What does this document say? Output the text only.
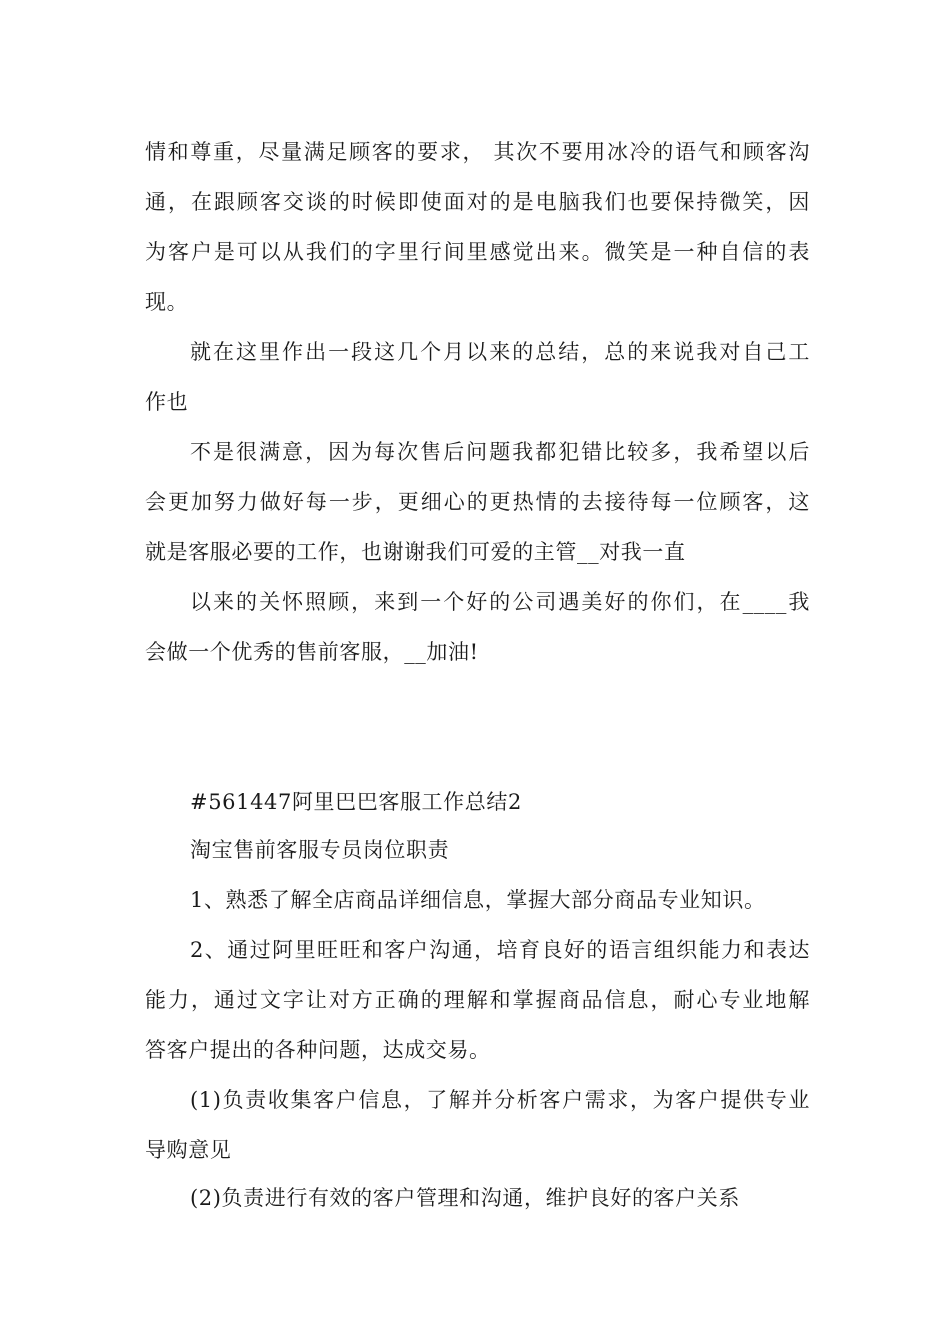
情和尊重，尽量满足顾客的要求， 其次不要用冰冷的语气和顾客沟
通，在跟顾客交谈的时候即使面对的是电脑我们也要保持微笑，因
为客户是可以从我们的字里行间里感觉出来。微笑是一种自信的表
现。
就在这里作出一段这几个月以来的总结，总的来说我对自己工
作也
不是很满意，因为每次售后问题我都犯错比较多，我希望以后
会更加努力做好每一步，更细心的更热情的去接待每一位顾客，这
就是客服必要的工作，也谢谢我们可爱的主管__对我一直
以来的关怀照顾，来到一个好的公司遇美好的你们，在____我
会做一个优秀的售前客服，__加油!
#561447阿里巴巴客服工作总结2
淘宝售前客服专员岗位职责
1、熟悉了解全店商品详细信息，掌握大部分商品专业知识。
2、通过阿里旺旺和客户沟通，培育良好的语言组织能力和表达
能力，通过文字让对方正确的理解和掌握商品信息，耐心专业地解
答客户提出的各种问题，达成交易。
(1)负责收集客户信息，了解并分析客户需求，为客户提供专业
导购意见
(2)负责进行有效的客户管理和沟通，维护良好的客户关系
